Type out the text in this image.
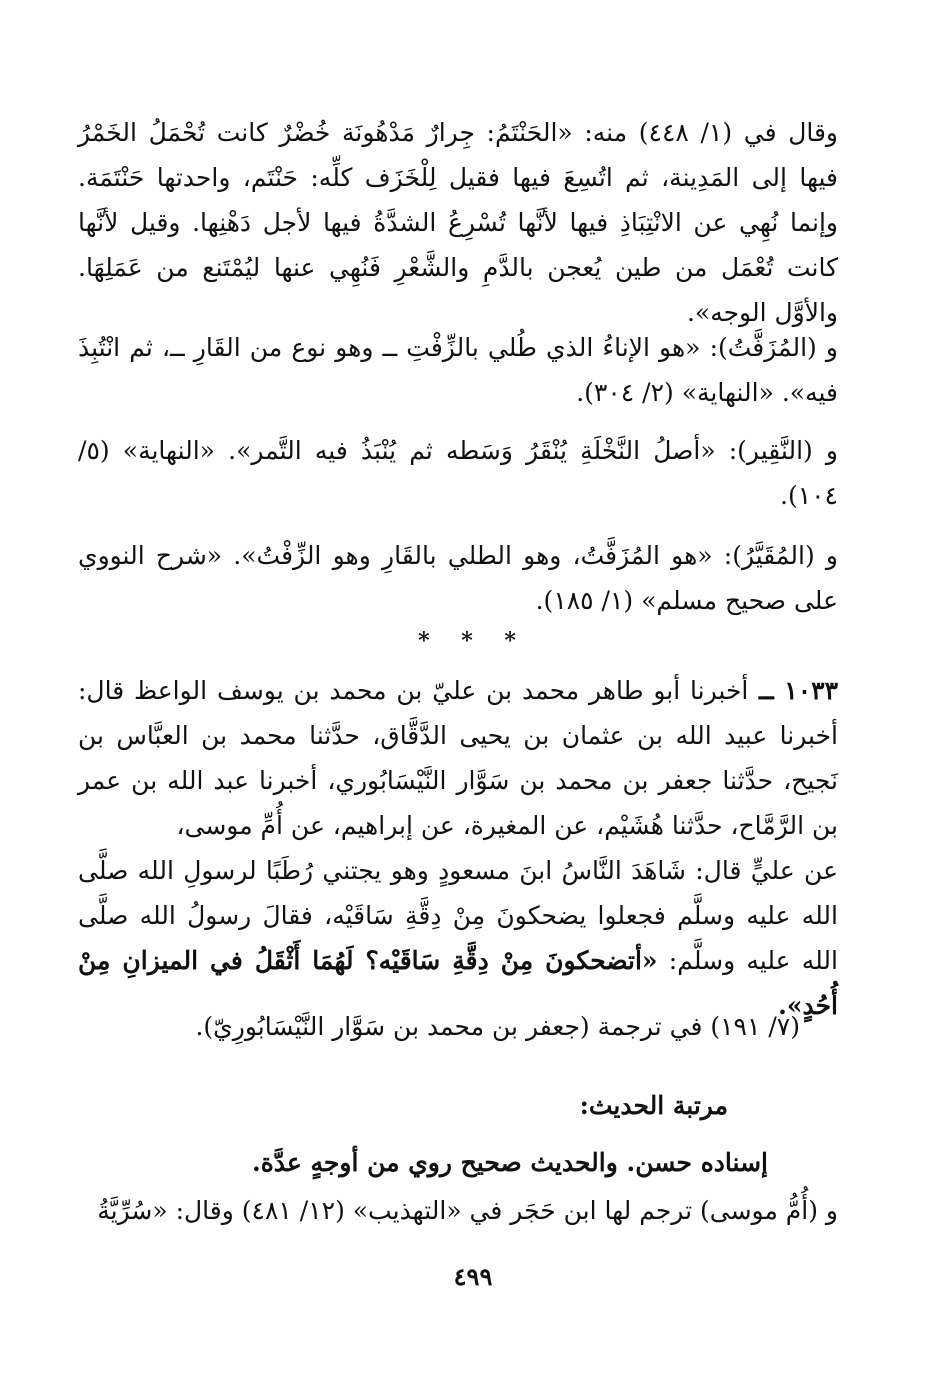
وقال في (١/ ٤٤٨) منه: «الحَنْتَمُ: جِرارٌ مَدْهُونَة خُضْرٌ كانت تُحْمَلُ الخَمْرُ فيها إلى المَدِينة، ثم اتُسِعَ فيها فقيل لِلْخَزَف كلِّه: حَنْتَم، واحدتها حَنْتَمَة. وإنما نُهِي عن الانْتِبَاذِ فيها لأنَّها تُسْرِعُ الشدَّةُ فيها لأجل دَهْنِها. وقيل لأنَّها كانت تُعْمَل من طين يُعجن بالدَّمِ والشَّعْرِ فَنُهِي عنها ليُمْتَنع من عَمَلِهَا. والأوَّل الوجه».

و (المُزَفَّتُ): «هو الإناءُ الذي طُلي بالزِّفْتِ ــ وهو نوع من القَارِ ــ، ثم انْتُبِذَ فيه». «النهاية» (٢/ ٣٠٤).

و (النَّقِير): «أصلُ النَّخْلَةِ يُنْقَرُ وَسَطه ثم يُنْبَذُ فيه التَّمر». «النهاية» (٥/ ١٠٤).

و (المُقَيَّرُ): «هو المُزَفَّتُ، وهو الطلي بالقَارِ وهو الزِّفْتُ». «شرح النووي على صحيح مسلم» (١/ ١٨٥).

* * *

١٠٣٣ ــ أخبرنا أبو طاهر محمد بن عليّ بن محمد بن يوسف الواعظ قال: أخبرنا عبيد الله بن عثمان بن يحيى الدَّقَّاق، حدَّثنا محمد بن العبَّاس بن نَجيح، حدَّثنا جعفر بن محمد بن سَوَّار النَّيْسَابُوري، أخبرنا عبد الله بن عمر بن الرَّمَّاح، حدَّثنا هُشَيْم، عن المغيرة، عن إبراهيم، عن أُمِّ موسى،

عن عليٍّ قال: شَاهَدَ النَّاسُ ابنَ مسعودٍ وهو يجتني رُطَبًا لرسولِ الله صلَّى الله عليه وسلَّم فجعلوا يضحكونَ مِنْ دِقَّةِ سَاقَيْه، فقالَ رسولُ الله صلَّى الله عليه وسلَّم: «أتضحكونَ مِنْ دِقَّةِ سَاقَيْه؟ لَهُمَا أَثْقَلُ في الميزانِ مِنْ أُحُدٍ».

(٧/ ١٩١) في ترجمة (جعفر بن محمد بن سَوَّار النَّيْسَابُورِيّ).

مرتبة الحديث:

إسناده حسن. والحديث صحيح روي من أوجهٍ عدَّة.

و (أُمُّ موسى) ترجم لها ابن حَجَر في «التهذيب» (١٢/ ٤٨١) وقال: «سُرِّيَّةُ

٤٩٩
